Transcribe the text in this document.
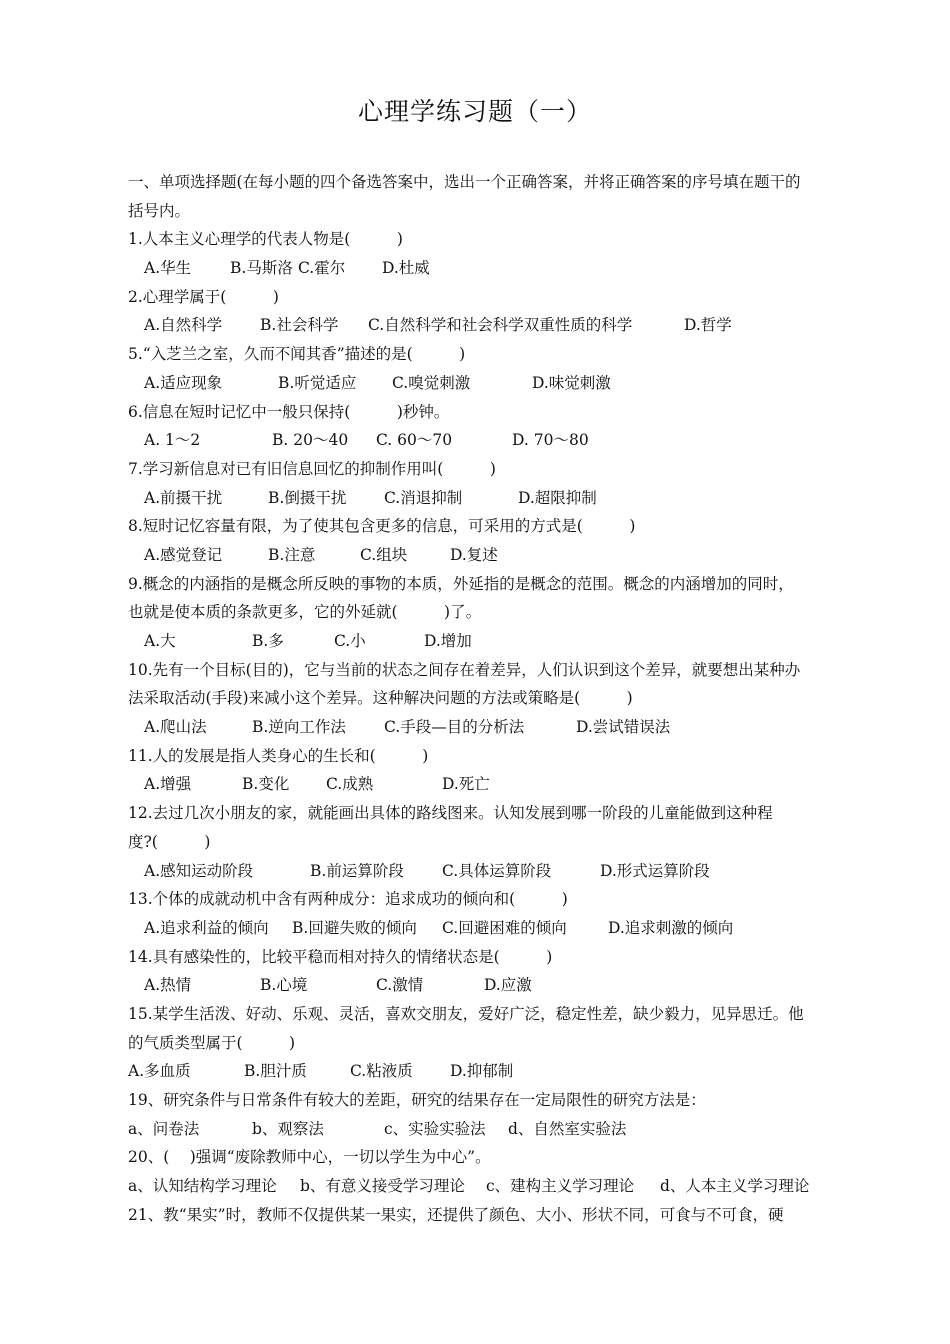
心理学练习题（一）
一、单项选择题(在每小题的四个备选答案中，选出一个正确答案，并将正确答案的序号填在题干的
括号内。
1.人本主义心理学的代表人物是(　　　)
A.华生	B.马斯洛 C.霍尔 D.杜威
2.心理学属于(　　　)
A.自然科学 B.社会科学 C.自然科学和社会科学双重性质的科学	D.哲学
5.“入芝兰之室，久而不闻其香”描述的是(　　　)
A.适应现象	B.听觉适应 C.嗅觉刺激	D.味觉刺激
6.信息在短时记忆中一般只保持(　　　)秒钟。
A. 1～2	B. 20～40 C. 60～70	D. 70～80
7.学习新信息对已有旧信息回忆的抑制作用叫(　　　)
A.前摄干扰	B.倒摄干扰 C.消退抑制	D.超限抑制
8.短时记忆容量有限，为了使其包含更多的信息，可采用的方式是(　　　)
A.感觉登记	B.注意	C.组块	D.复述
9.概念的内涵指的是概念所反映的事物的本质，外延指的是概念的范围。概念的内涵增加的同时，
也就是使本质的条款更多，它的外延就(　　　)了。
A.大	B.多	C.小	D.增加
10.先有一个目标(目的)，它与当前的状态之间存在着差异，人们认识到这个差异，就要想出某种办
法采取活动(手段)来减小这个差异。这种解决问题的方法或策略是(　　　)
A.爬山法	B.逆向工作法 C.手段—目的分析法	D.尝试错误法
11.人的发展是指人类身心的生长和(　　　)
A.增强	B.变化 C.成熟	D.死亡
12.去过几次小朋友的家，就能画出具体的路线图来。认知发展到哪一阶段的儿童能做到这种程
度?(　　　)
A.感知运动阶段	B.前运算阶段 C.具体运算阶段	D.形式运算阶段
13.个体的成就动机中含有两种成分：追求成功的倾向和(　　　)
A.追求利益的倾向 B.回避失败的倾向 C.回避困难的倾向	D.追求刺激的倾向
14.具有感染性的，比较平稳而相对持久的情绪状态是(　　　)
A.热情	B.心境	C.激情	D.应激
15.某学生活泼、好动、乐观、灵活，喜欢交朋友，爱好广泛，稳定性差，缺少毅力，见异思迁。他
的气质类型属于(　　　)
A.多血质	B.胆汁质	C.粘液质 D.抑郁制
19、研究条件与日常条件有较大的差距，研究的结果存在一定局限性的研究方法是：
a、问卷法	b、观察法	c、实验实验法 d、自然室实验法
20、(　 )强调“废除教师中心，一切以学生为中心”。
a、认知结构学习理论 b、有意义接受学习理论 c、建构主义学习理论 d、人本主义学习理论
21、教“果实”时，教师不仅提供某一果实，还提供了颜色、大小、形状不同，可食与不可食，硬
